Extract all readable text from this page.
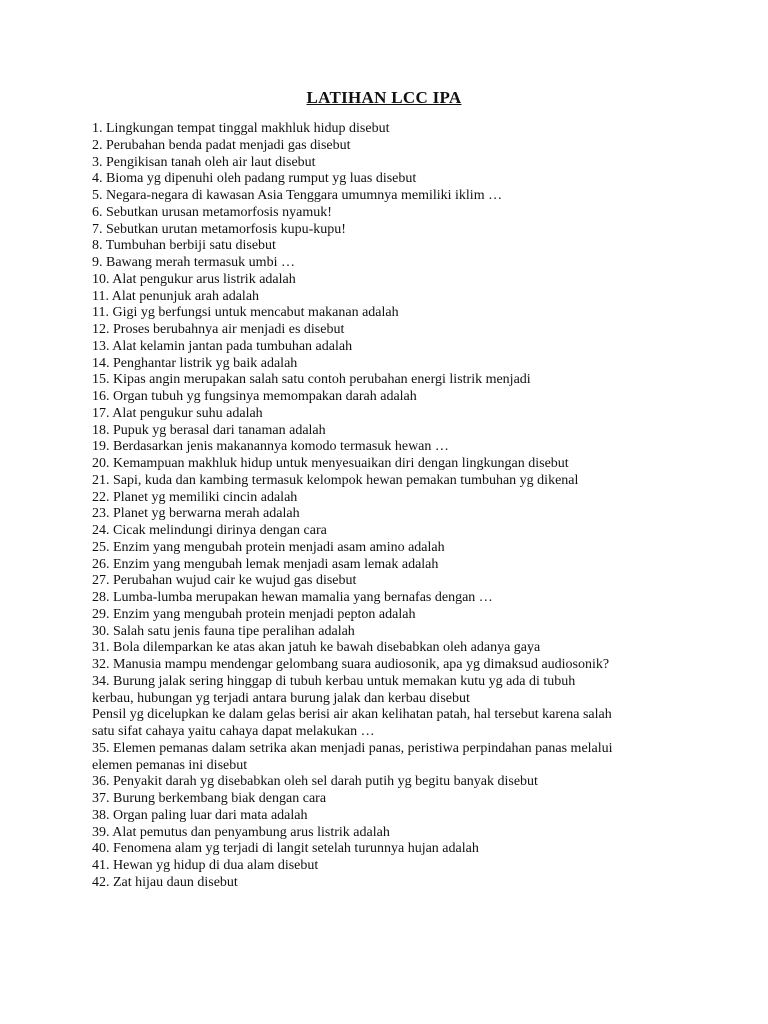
LATIHAN LCC IPA
1. Lingkungan tempat tinggal makhluk hidup disebut
2. Perubahan benda padat menjadi gas disebut
3. Pengikisan tanah oleh air laut disebut
4. Bioma yg dipenuhi oleh padang rumput yg luas disebut
5. Negara-negara di kawasan Asia Tenggara umumnya memiliki iklim …
6. Sebutkan urusan metamorfosis nyamuk!
7. Sebutkan urutan metamorfosis kupu-kupu!
8. Tumbuhan berbiji satu disebut
9. Bawang merah termasuk umbi …
10. Alat pengukur arus listrik adalah
11. Alat penunjuk arah adalah
11. Gigi yg berfungsi untuk mencabut makanan adalah
12. Proses berubahnya air menjadi es disebut
13. Alat kelamin jantan pada tumbuhan adalah
14. Penghantar listrik yg baik adalah
15. Kipas angin merupakan salah satu contoh perubahan energi listrik menjadi
16. Organ tubuh yg fungsinya memompakan darah adalah
17. Alat pengukur suhu adalah
18. Pupuk yg berasal dari tanaman adalah
19. Berdasarkan jenis makanannya komodo termasuk hewan …
20. Kemampuan makhluk hidup untuk menyesuaikan diri dengan lingkungan disebut
21. Sapi, kuda dan kambing termasuk kelompok hewan pemakan tumbuhan yg dikenal
22. Planet yg memiliki cincin adalah
23. Planet yg berwarna merah adalah
24. Cicak melindungi dirinya dengan cara
25. Enzim yang mengubah protein menjadi asam amino adalah
26. Enzim yang mengubah lemak menjadi asam lemak adalah
27. Perubahan wujud cair ke wujud gas disebut
28. Lumba-lumba merupakan hewan mamalia yang bernafas dengan …
29. Enzim yang mengubah protein menjadi pepton adalah
30. Salah satu jenis fauna tipe peralihan adalah
31. Bola dilemparkan ke atas akan jatuh ke bawah disebabkan oleh adanya gaya
32. Manusia mampu mendengar gelombang suara audiosonik, apa yg dimaksud audiosonik?
34. Burung jalak sering hinggap di tubuh kerbau untuk memakan kutu yg ada di tubuh
kerbau, hubungan yg terjadi antara burung jalak dan kerbau disebut
Pensil yg dicelupkan ke dalam gelas berisi air akan kelihatan patah, hal tersebut karena salah
satu sifat cahaya yaitu cahaya dapat melakukan …
35. Elemen pemanas dalam setrika akan menjadi panas, peristiwa perpindahan panas melalui
elemen pemanas ini disebut
36. Penyakit darah yg disebabkan oleh sel darah putih yg begitu banyak disebut
37. Burung berkembang biak dengan cara
38. Organ paling luar dari mata adalah
39. Alat pemutus dan penyambung arus listrik adalah
40. Fenomena alam yg terjadi di langit setelah turunnya hujan adalah
41. Hewan yg hidup di dua alam disebut
42. Zat hijau daun disebut
